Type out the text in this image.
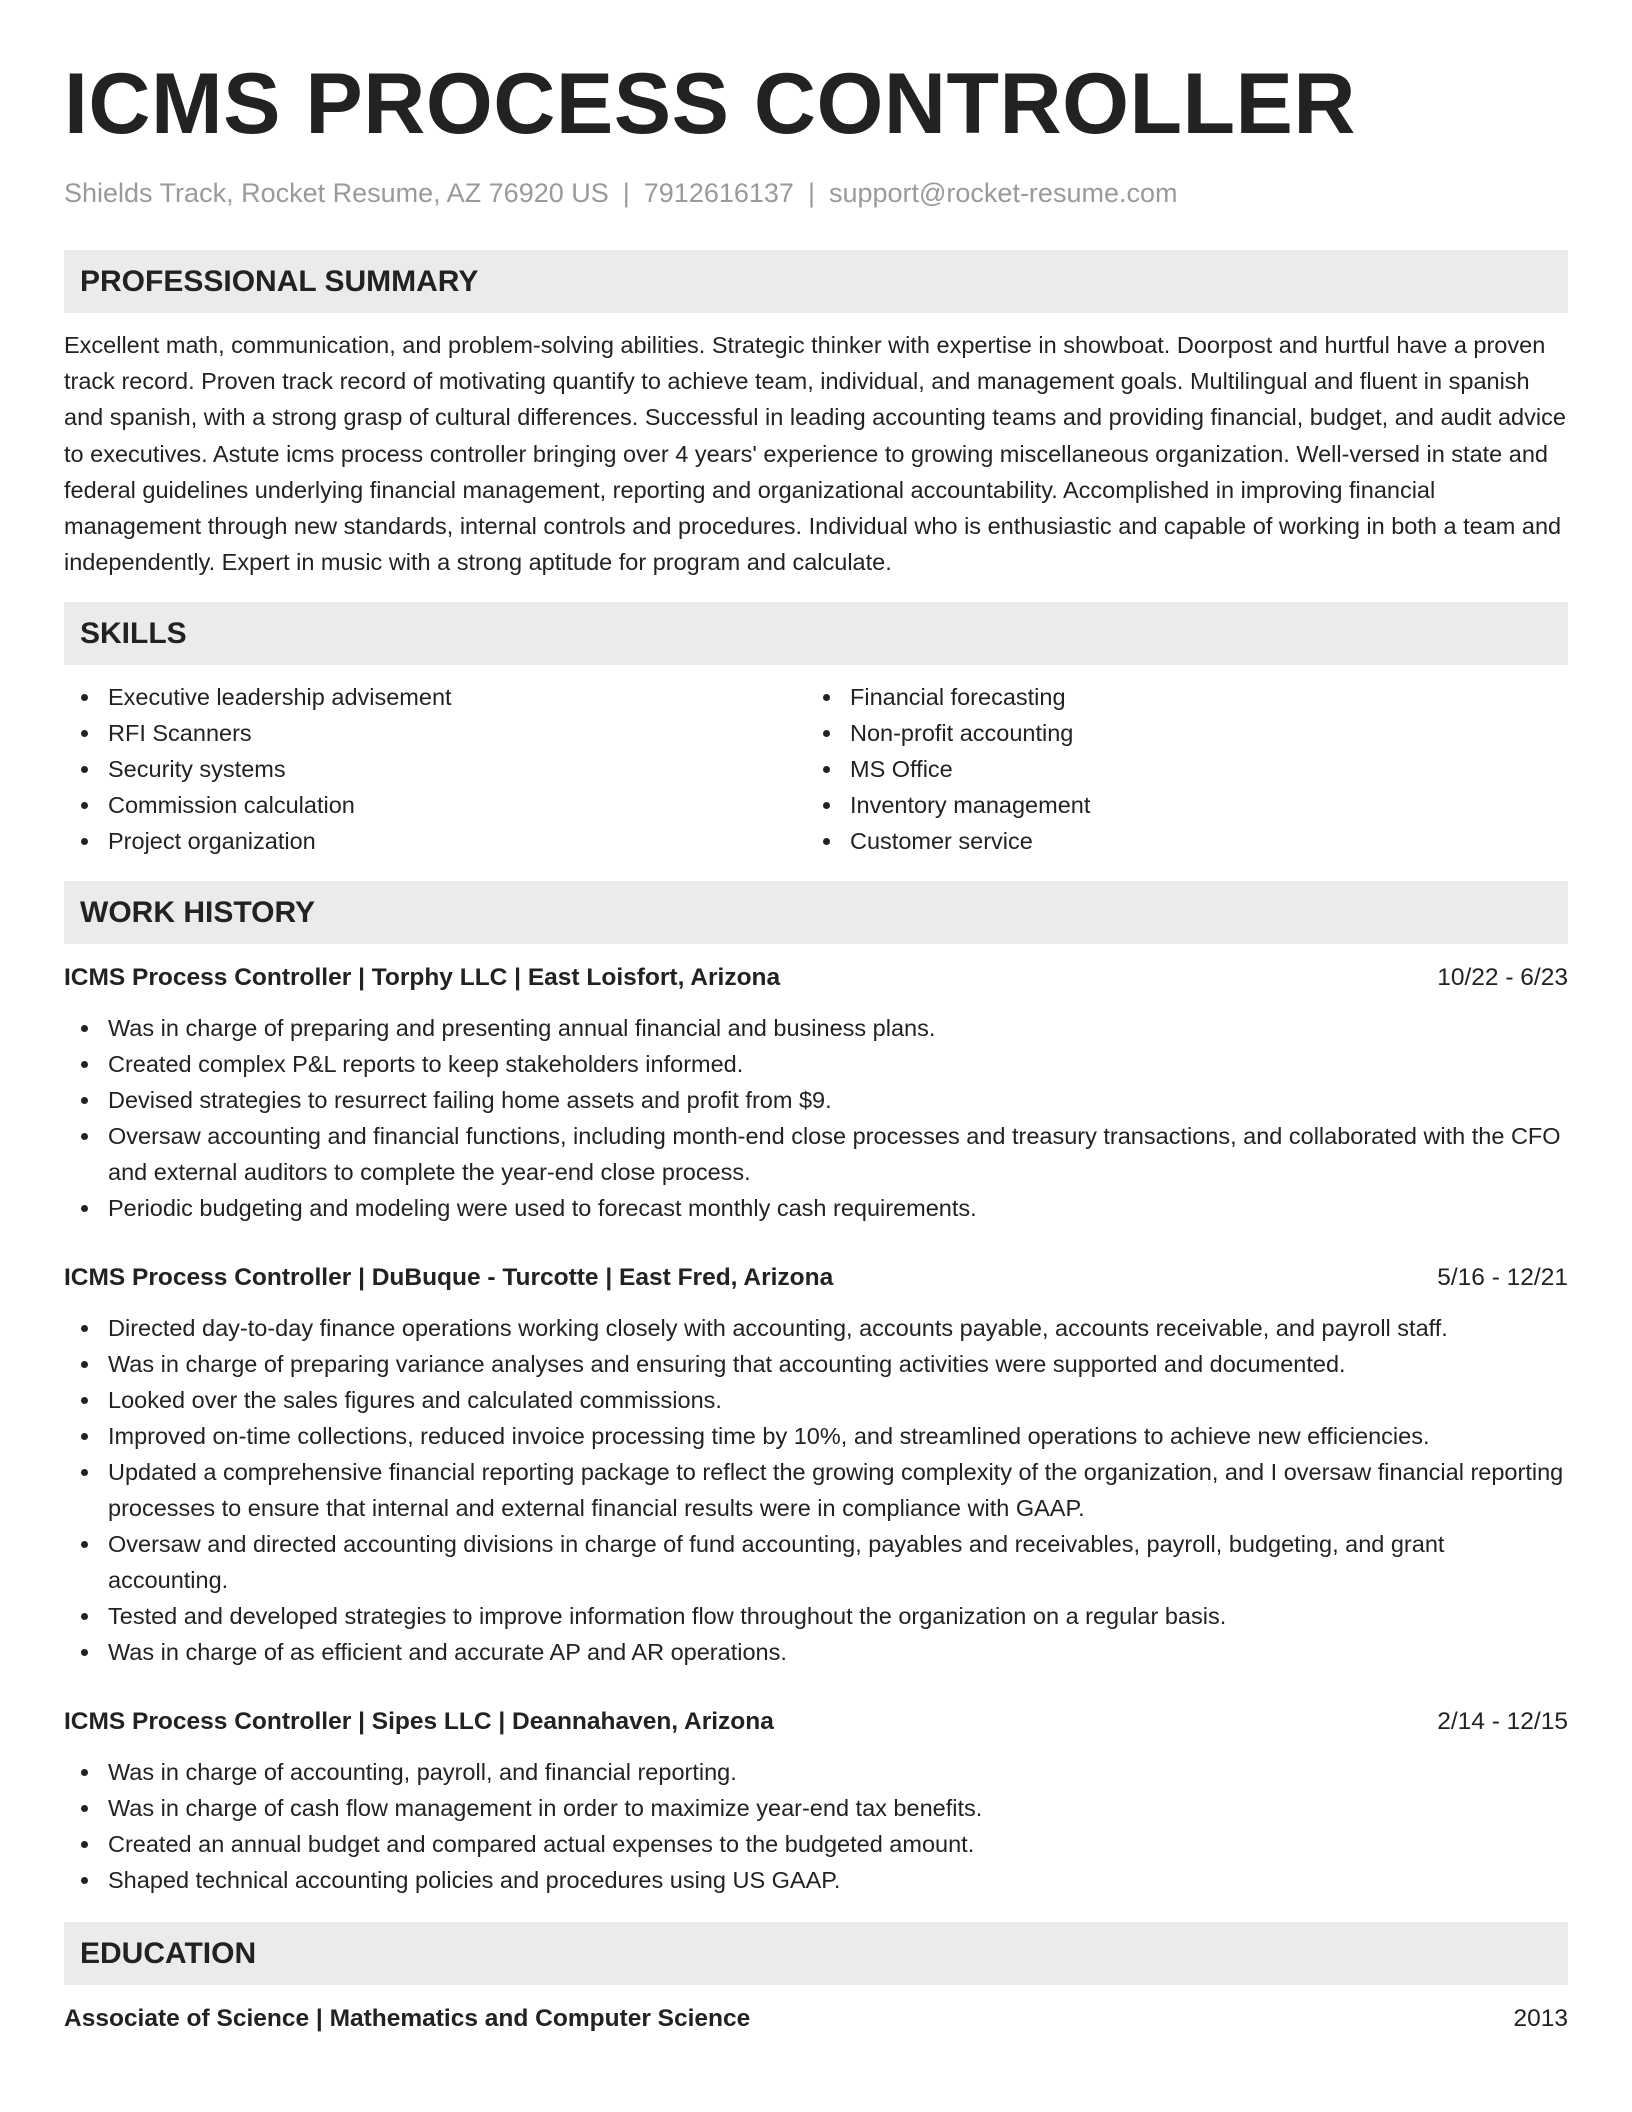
ICMS PROCESS CONTROLLER
Shields Track, Rocket Resume, AZ 76920 US | 7912616137 | support@rocket-resume.com
PROFESSIONAL SUMMARY
Excellent math, communication, and problem-solving abilities. Strategic thinker with expertise in showboat. Doorpost and hurtful have a proven track record. Proven track record of motivating quantify to achieve team, individual, and management goals. Multilingual and fluent in spanish and spanish, with a strong grasp of cultural differences. Successful in leading accounting teams and providing financial, budget, and audit advice to executives. Astute icms process controller bringing over 4 years' experience to growing miscellaneous organization. Well-versed in state and federal guidelines underlying financial management, reporting and organizational accountability. Accomplished in improving financial management through new standards, internal controls and procedures. Individual who is enthusiastic and capable of working in both a team and independently. Expert in music with a strong aptitude for program and calculate.
SKILLS
Executive leadership advisement
RFI Scanners
Security systems
Commission calculation
Project organization
Financial forecasting
Non-profit accounting
MS Office
Inventory management
Customer service
WORK HISTORY
ICMS Process Controller | Torphy LLC | East Loisfort, Arizona	10/22 - 6/23
Was in charge of preparing and presenting annual financial and business plans.
Created complex P&L reports to keep stakeholders informed.
Devised strategies to resurrect failing home assets and profit from $9.
Oversaw accounting and financial functions, including month-end close processes and treasury transactions, and collaborated with the CFO and external auditors to complete the year-end close process.
Periodic budgeting and modeling were used to forecast monthly cash requirements.
ICMS Process Controller | DuBuque - Turcotte | East Fred, Arizona	5/16 - 12/21
Directed day-to-day finance operations working closely with accounting, accounts payable, accounts receivable, and payroll staff.
Was in charge of preparing variance analyses and ensuring that accounting activities were supported and documented.
Looked over the sales figures and calculated commissions.
Improved on-time collections, reduced invoice processing time by 10%, and streamlined operations to achieve new efficiencies.
Updated a comprehensive financial reporting package to reflect the growing complexity of the organization, and I oversaw financial reporting processes to ensure that internal and external financial results were in compliance with GAAP.
Oversaw and directed accounting divisions in charge of fund accounting, payables and receivables, payroll, budgeting, and grant accounting.
Tested and developed strategies to improve information flow throughout the organization on a regular basis.
Was in charge of as efficient and accurate AP and AR operations.
ICMS Process Controller | Sipes LLC | Deannahaven, Arizona	2/14 - 12/15
Was in charge of accounting, payroll, and financial reporting.
Was in charge of cash flow management in order to maximize year-end tax benefits.
Created an annual budget and compared actual expenses to the budgeted amount.
Shaped technical accounting policies and procedures using US GAAP.
EDUCATION
Associate of Science | Mathematics and Computer Science	2013
